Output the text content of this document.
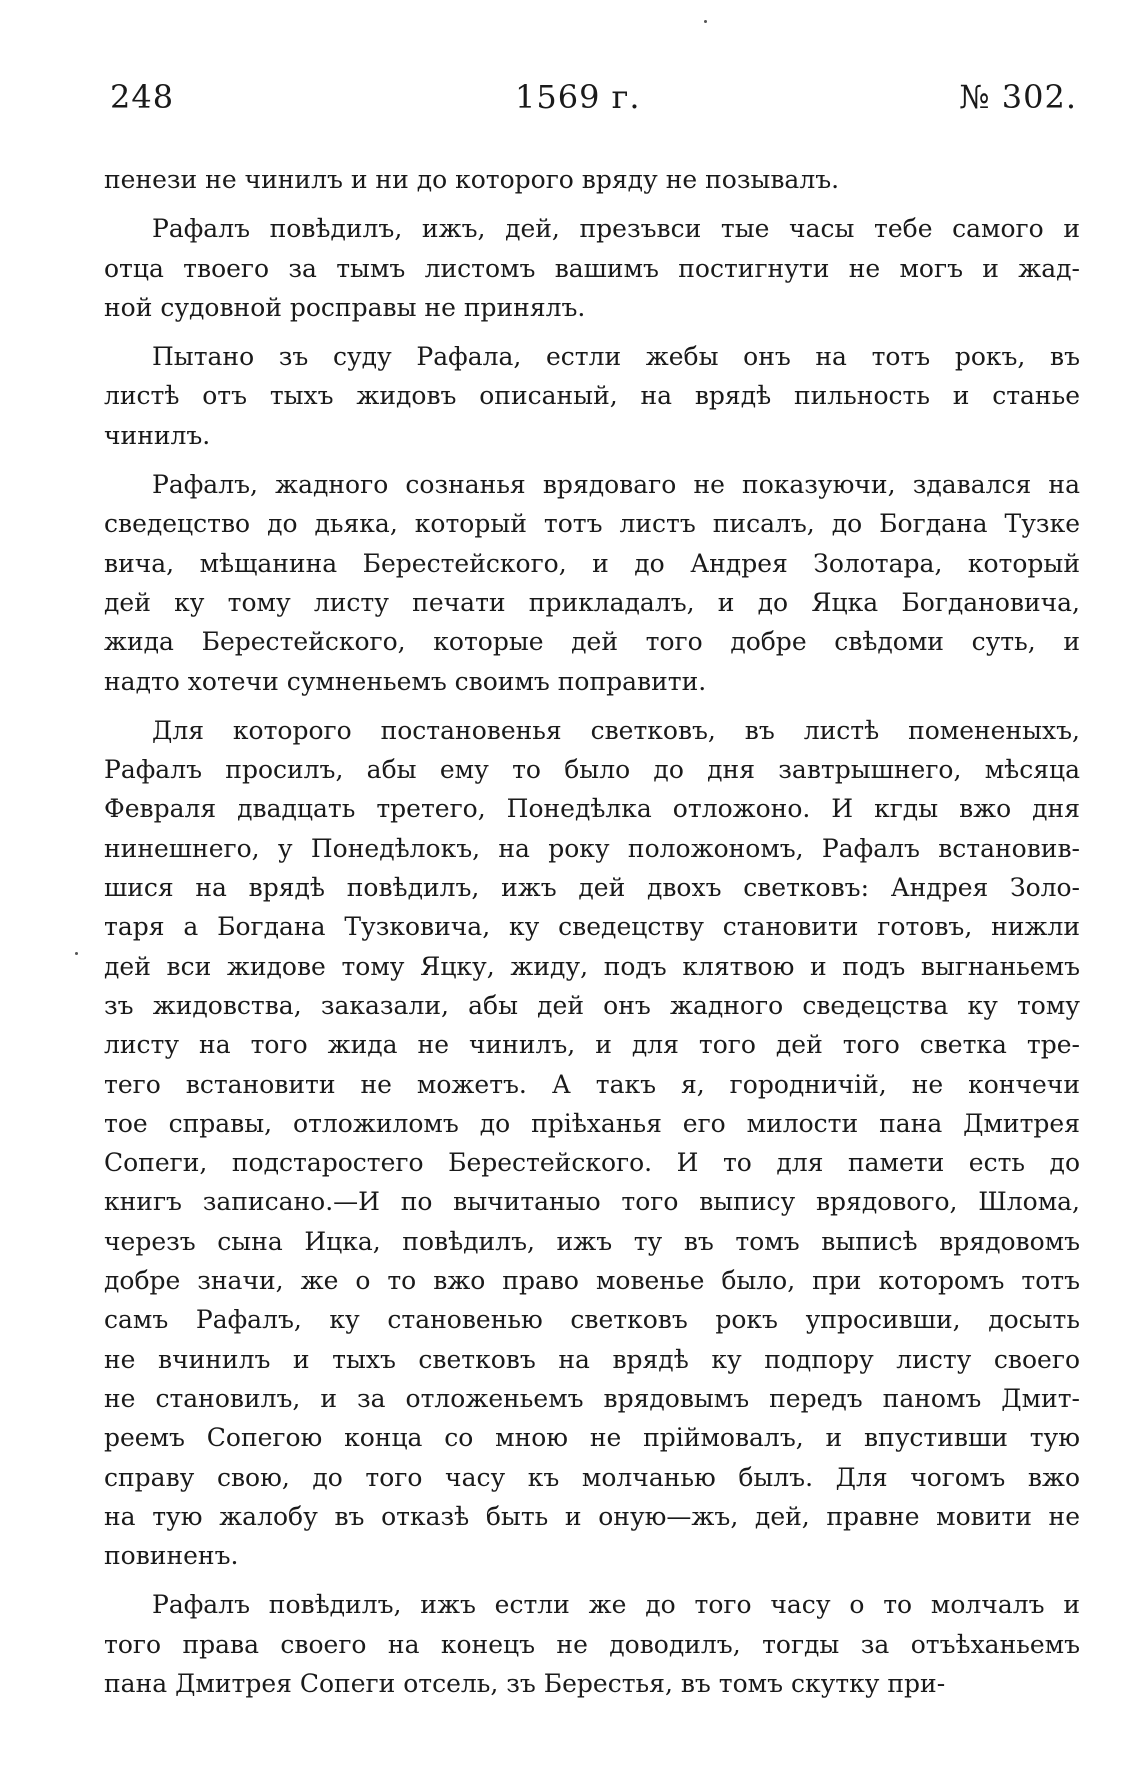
248	1569 г.	№ 302.
пенези не чинилъ и ни до которого вряду не позывалъ.
Рафалъ повѣдилъ, ижъ, дей, презъвси тые часы тебе самого и
отца твоего за тымъ листомъ вашимъ постигнути не могъ и жад-
ной судовной росправы не принялъ.
Пытано зъ суду Рафала, естли жебы онъ на тотъ рокъ, въ
листѣ отъ тыхъ жидовъ описаный, на врядѣ пильность и станье
чинилъ.
Рафалъ, жадного сознанья врядоваго не показуючи, здавался на
сведецство до дьяка, который тотъ листъ писалъ, до Богдана Тузке
вича, мѣщанина Берестейского, и до Андрея Золотара, который
дей ку тому листу печати прикладалъ, и до Яцка Богдановича,
жида Берестейского, которые дей того добре свѣдоми суть, и
надто хотечи сумненьемъ своимъ поправити.
Для которого постановенья светковъ, въ листѣ помененыхъ,
Рафалъ просилъ, абы ему то было до дня завтрышнего, мѣсяца
Февраля двадцать третего, Понедѣлка отложоно. И кгды вжо дня
нинешнего, у Понедѣлокъ, на року положономъ, Рафалъ встановив-
шися на врядѣ повѣдилъ, ижъ дей двохъ светковъ: Андрея Золо-
таря а Богдана Тузковича, ку сведецству становити готовъ, нижли
дей вси жидове тому Яцку, жиду, подъ клятвою и подъ выгнаньемъ
зъ жидовства, заказали, абы дей онъ жадного сведецства ку тому
листу на того жида не чинилъ, и для того дей того светка тре-
тего встановити не можетъ. А такъ я, городничій, не кончечи
тое справы, отложиломъ до пріѣханья его милости пана Дмитрея
Сопеги, подстаростего Берестейского. И то для памети есть до
книгъ записано.—И по вычитаныо того выпису врядового, Шлома,
черезъ сына Ицка, повѣдилъ, ижъ ту въ томъ выписѣ врядовомъ
добре значи, же о то вжо право мовенье было, при которомъ тотъ
самъ Рафалъ, ку становенью светковъ рокъ упросивши, досыть
не вчинилъ и тыхъ светковъ на врядѣ ку подпору листу своего
не становилъ, и за отложеньемъ врядовымъ передъ паномъ Дмит-
реемъ Сопегою конца со мною не пріймовалъ, и впустивши тую
справу свою, до того часу къ молчанью былъ. Для чогомъ вжо
на тую жалобу въ отказѣ быть и оную—жъ, дей, правне мовити не
повиненъ.
Рафалъ повѣдилъ, ижъ естли же до того часу о то молчалъ и
того права своего на конецъ не доводилъ, тогды за отъѣханьемъ
пана Дмитрея Сопеги отсель, зъ Берестья, въ томъ скутку при-
